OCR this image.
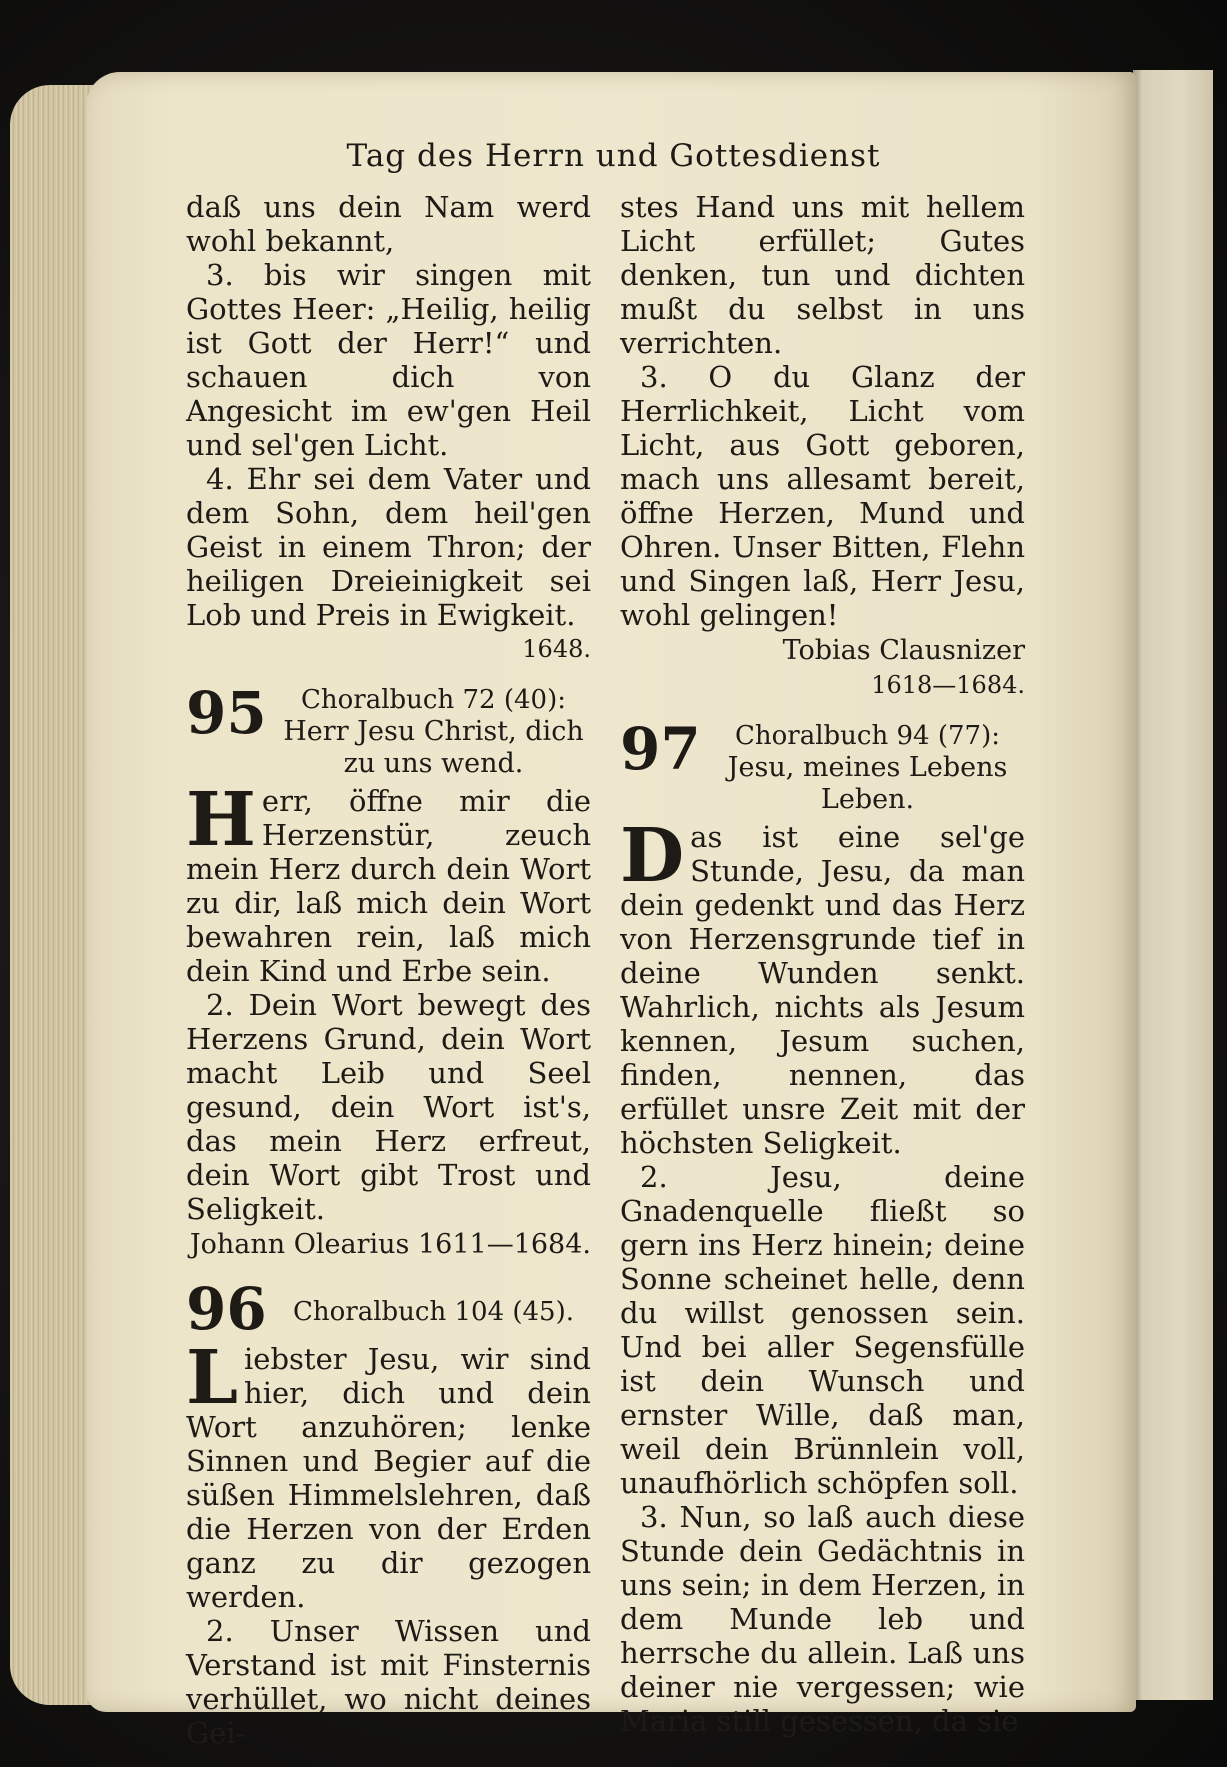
Tag des Herrn und Gottesdienst

daß uns dein Nam werd wohl bekannt,

3. bis wir singen mit Gottes Heer: „Heilig, heilig ist Gott der Herr!“ und schauen dich von Angesicht im ew'gen Heil und sel'gen Licht.

4. Ehr sei dem Vater und dem Sohn, dem heil'gen Geist in einem Thron; der heiligen Dreieinigkeit sei Lob und Preis in Ewigkeit.

1648.

95	Choralbuch 72 (40):
Herr Jesu Christ, dich zu uns wend.

H err, öffne mir die Herzenstür, zeuch mein Herz durch dein Wort zu dir, laß mich dein Wort bewahren rein, laß mich dein Kind und Erbe sein.

2. Dein Wort bewegt des Herzens Grund, dein Wort macht Leib und Seel gesund, dein Wort ist's, das mein Herz erfreut, dein Wort gibt Trost und Seligkeit.

Johann Olearius 1611—1684.

96	Choralbuch 104 (45).

L iebster Jesu, wir sind hier, dich und dein Wort anzuhören; lenke Sinnen und Begier auf die süßen Himmelslehren, daß die Herzen von der Erden ganz zu dir gezogen werden.

2. Unser Wissen und Verstand ist mit Finsternis verhüllet, wo nicht deines Gei-

stes Hand uns mit hellem Licht erfüllet; Gutes denken, tun und dichten mußt du selbst in uns verrichten.

3. O du Glanz der Herrlichkeit, Licht vom Licht, aus Gott geboren, mach uns allesamt bereit, öffne Herzen, Mund und Ohren. Unser Bitten, Flehn und Singen laß, Herr Jesu, wohl gelingen!

Tobias Clausnizer

1618—1684.

97	Choralbuch 94 (77):
Jesu, meines Lebens Leben.

D as ist eine sel'ge Stunde, Jesu, da man dein gedenkt und das Herz von Herzensgrunde tief in deine Wunden senkt. Wahrlich, nichts als Jesum kennen, Jesum suchen, finden, nennen, das erfüllet unsre Zeit mit der höchsten Seligkeit.

2. Jesu, deine Gnadenquelle fließt so gern ins Herz hinein; deine Sonne scheinet helle, denn du willst genossen sein. Und bei aller Segensfülle ist dein Wunsch und ernster Wille, daß man, weil dein Brünnlein voll, unaufhörlich schöpfen soll.

3. Nun, so laß auch diese Stunde dein Gedächtnis in uns sein; in dem Herzen, in dem Munde leb und herrsche du allein. Laß uns deiner nie vergessen; wie Maria still gesessen, da sie
